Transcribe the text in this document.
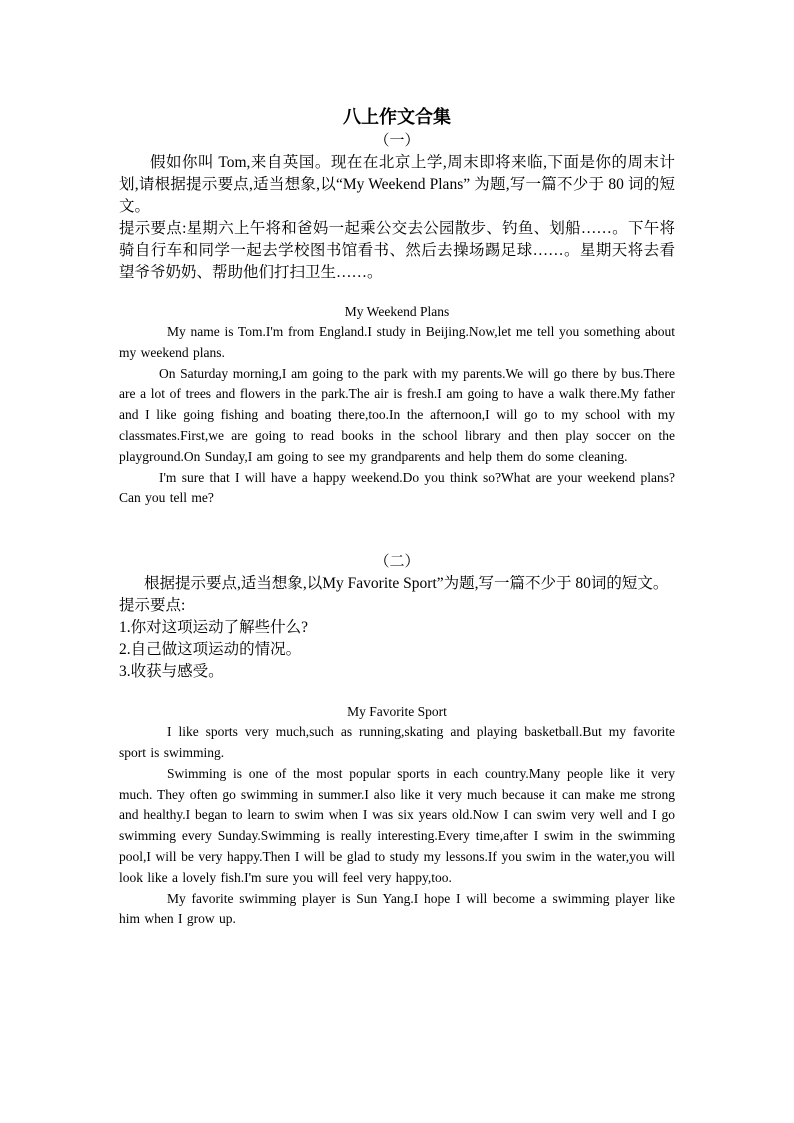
八上作文合集
（一）

假如你叫 Tom,来自英国。现在在北京上学,周末即将来临,下面是你的周末计划,请根据提示要点,适当想象,以“My Weekend Plans” 为题,写一篇不少于 80 词的短文。

提示要点:星期六上午将和爸妈一起乘公交去公园散步、钓鱼、划船……。下午将骑自行车和同学一起去学校图书馆看书、然后去操场踢足球……。星期天将去看望爷爷奶奶、帮助他们打扫卫生……。

My Weekend Plans

My name is Tom.I'm from England.I study in Beijing.Now,let me tell you something about my weekend plans.

On Saturday morning,I am going to the park with my parents.We will go there by bus.There are a lot of trees and flowers in the park.The air is fresh.I am going to have a walk there.My father and I like going fishing and boating there,too.In the afternoon,I will go to my school with my classmates.First,we are going to read books in the school library and then play soccer on the playground.On Sunday,I am going to see my grandparents and help them do some cleaning.

I'm sure that I will have a happy weekend.Do you think so?What are your weekend plans?Can you tell me?

（二）

根据提示要点,适当想象,以My Favorite Sport”为题,写一篇不少于 80词的短文。

提示要点:

1.你对这项运动了解些什么?

2.自己做这项运动的情况。

3.收获与感受。

My Favorite Sport

I like sports very much,such as running,skating and playing basketball.But my favorite sport is swimming.

Swimming is one of the most popular sports in each country.Many people like it very much. They often go swimming in summer.I also like it very much because it can make me strong and healthy.I began to learn to swim when I was six years old.Now I can swim very well and I go swimming every Sunday.Swimming is really interesting.Every time,after I swim in the swimming pool,I will be very happy.Then I will be glad to study my lessons.If you swim in the water,you will look like a lovely fish.I'm sure you will feel very happy,too.

My favorite swimming player is Sun Yang.I hope I will become a swimming player like him when I grow up.
